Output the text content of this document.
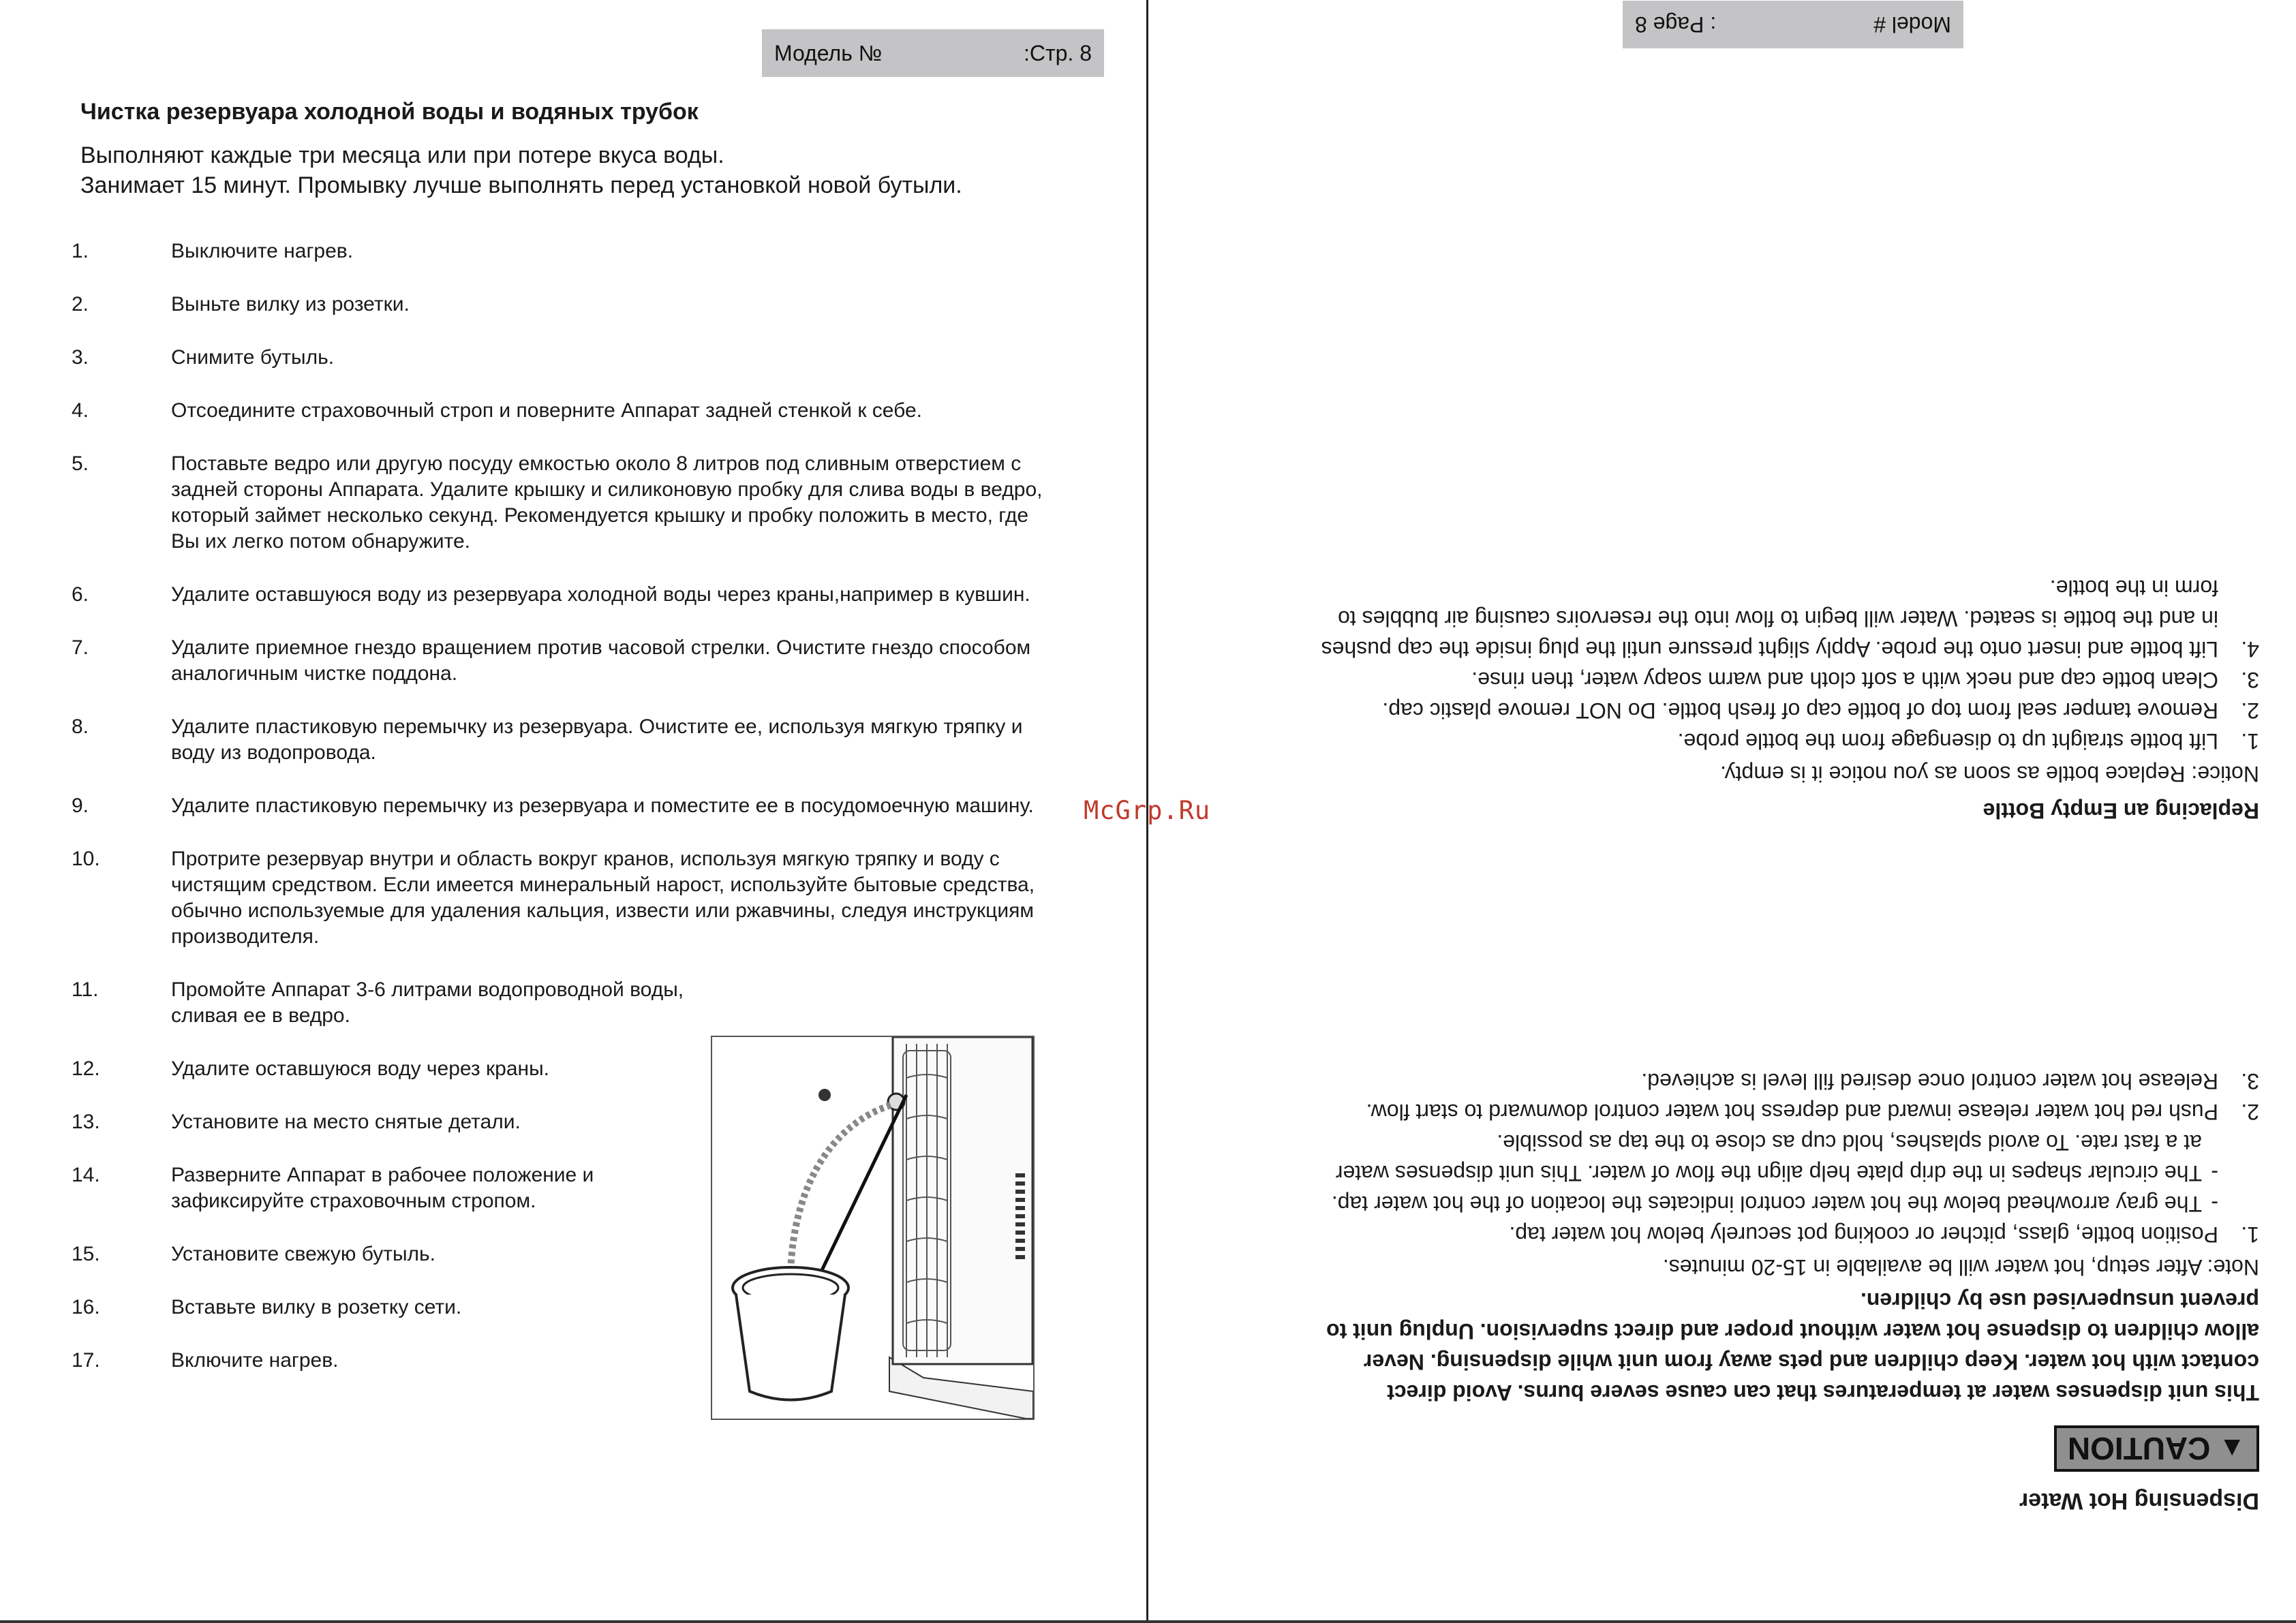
Модель №	:Стр. 8
Чистка резервуара холодной воды и водяных трубок
Выполняют каждые три месяца или при потере вкуса воды.
Занимает 15 минут. Промывку лучше выполнять перед установкой новой бутыли.
1.	Выключите нагрев.
2.	Выньте вилку из розетки.
3.	Снимите бутыль.
4.	Отсоедините страховочный строп и поверните Аппарат задней стенкой к себе.
5.	Поставьте ведро или другую посуду емкостью около 8 литров под сливным отверстием с задней стороны Аппарата. Удалите крышку и силиконовую пробку для слива воды в ведро, который займет несколько секунд. Рекомендуется крышку и пробку положить в место, где Вы их легко потом обнаружите.
6.	Удалите оставшуюся воду из резервуара холодной воды через краны,например в кувшин.
7.	Удалите приемное гнездо вращением против часовой стрелки. Очистите гнездо способом аналогичным чистке поддона.
8.	Удалите пластиковую перемычку из резервуара. Очистите ее, используя мягкую тряпку и воду из водопровода.
9.	Удалите пластиковую перемычку из резервуара и поместите ее в посудомоечную машину.
10.	Протрите резервуар внутри и область вокруг кранов, используя мягкую тряпку и воду с чистящим средством. Если имеется минеральный нарост, используйте бытовые средства, обычно используемые для удаления кальция, извести или ржавчины, следуя инструкциям производителя.
11.	Промойте Аппарат 3-6 литрами водопроводной воды, сливая ее в ведро.
12.	Удалите оставшуюся воду через краны.
13.	Установите на место снятые детали.
14.	Разверните Аппарат в рабочее положение и зафиксируйте страховочным стропом.
15.	Установите свежую бутыль.
16.	Вставьте вилку в розетку сети.
17.	Включите нагрев.
McGrp.Ru
Model #
: Page 8
Dispensing Hot Water
▲
CAUTION
This unit dispenses water at temperatures that can cause severe burns. Avoid direct contact with hot water. Keep children and pets away from unit while dispensing. Never allow children to dispense hot water without proper and direct supervision. Unplug unit to prevent unsupervised use by children.
Note: After setup, hot water will be available in 15-20 minutes.
1.
Position bottle, glass, pitcher or cooking pot securely below hot water tap.
-
The gray arrowhead below the hot water control indicates the location of the hot water tap.
-
The circular shapes in the drip plate help align the flow of water. This unit dispenses water at a fast rate. To avoid splashes, hold cup as close to the tap as possible.
2.
Push red hot water release inward and depress hot water control downward to start flow.
3.
Release hot water control once desired fill level is achieved.
Replacing an Empty Bottle
Notice: Replace bottle as soon as you notice it is empty.
1.
Lift bottle straight up to disengage from the bottle probe.
2.
Remove tamper seal from top of bottle cap of fresh bottle. Do NOT remove plastic cap.
3.
Clean bottle cap and neck with a soft cloth and warm soapy water, then rinse.
4.
Lift bottle and insert onto the probe. Apply slight pressure until the plug inside the cap pushes in and the bottle is seated. Water will begin to flow into the reservoirs causing air bubbles to form in the bottle.
